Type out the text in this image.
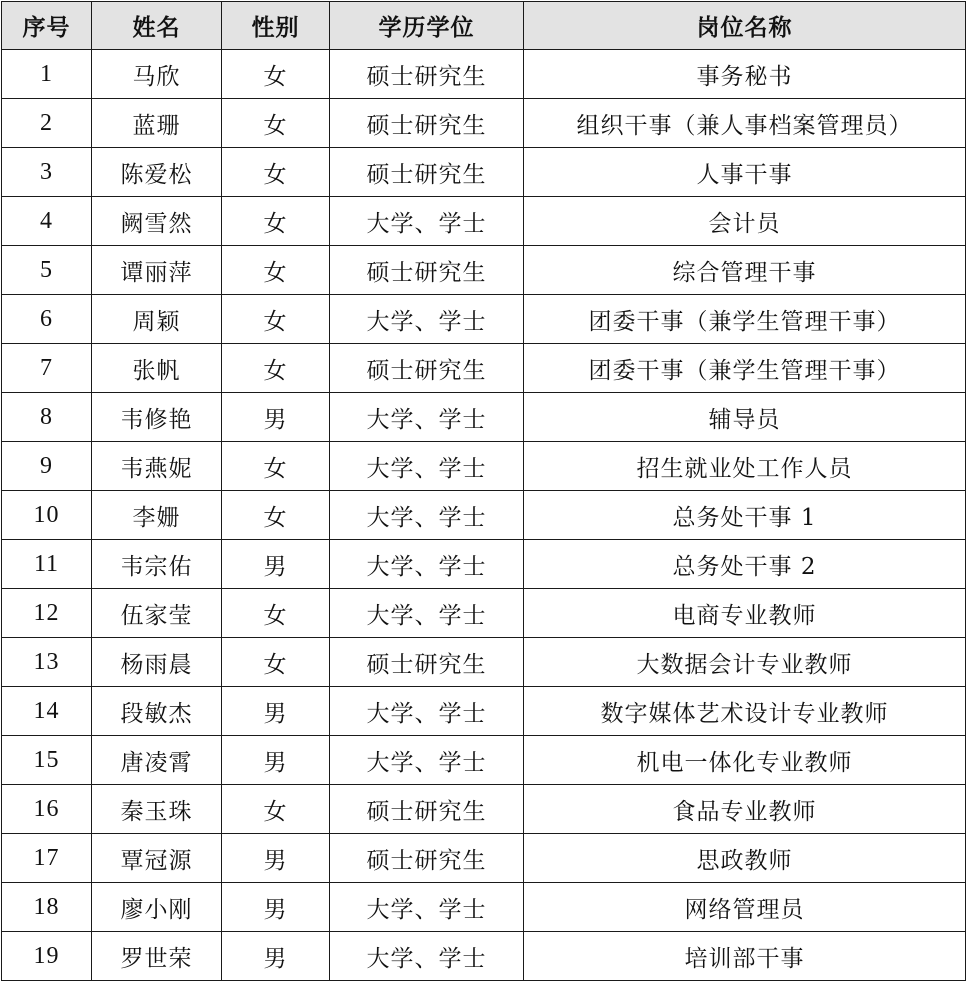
序号	姓名	性别	学历学位	岗位名称
1	马欣	女	硕士研究生	事务秘书
2	蓝珊	女	硕士研究生	组织干事（兼人事档案管理员）
3	陈爱松	女	硕士研究生	人事干事
4	阙雪然	女	大学、学士	会计员
5	谭丽萍	女	硕士研究生	综合管理干事
6	周颖	女	大学、学士	团委干事（兼学生管理干事）
7	张帆	女	硕士研究生	团委干事（兼学生管理干事）
8	韦修艳	男	大学、学士	辅导员
9	韦燕妮	女	大学、学士	招生就业处工作人员
10	李姗	女	大学、学士	总务处干事 1
11	韦宗佑	男	大学、学士	总务处干事 2
12	伍家莹	女	大学、学士	电商专业教师
13	杨雨晨	女	硕士研究生	大数据会计专业教师
14	段敏杰	男	大学、学士	数字媒体艺术设计专业教师
15	唐凌霄	男	大学、学士	机电一体化专业教师
16	秦玉珠	女	硕士研究生	食品专业教师
17	覃冠源	男	硕士研究生	思政教师
18	廖小刚	男	大学、学士	网络管理员
19	罗世荣	男	大学、学士	培训部干事
